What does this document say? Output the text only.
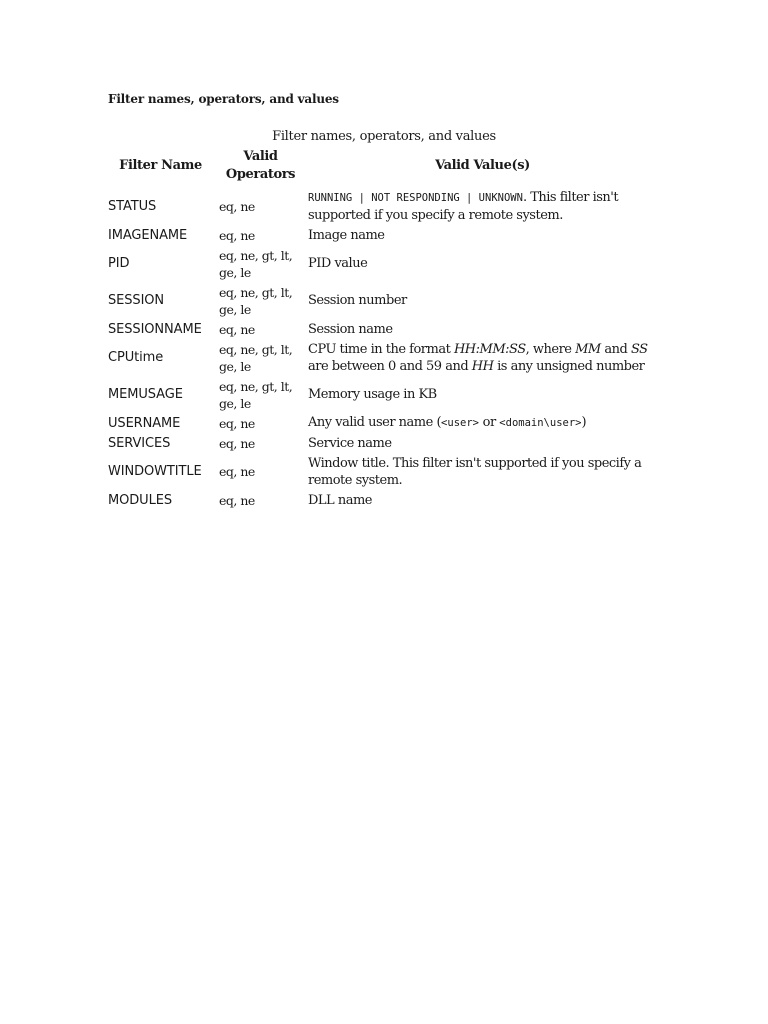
Filter names, operators, and values
Filter names, operators, and values
Filter Name	Valid Operators	Valid Value(s)
STATUS	eq, ne	RUNNING | NOT RESPONDING | UNKNOWN. This filter isn't supported if you specify a remote system.
IMAGENAME	eq, ne	Image name
PID	eq, ne, gt, lt, ge, le	PID value
SESSION	eq, ne, gt, lt, ge, le	Session number
SESSIONNAME	eq, ne	Session name
CPUtime	eq, ne, gt, lt, ge, le	CPU time in the format HH:MM:SS, where MM and SS are between 0 and 59 and HH is any unsigned number
MEMUSAGE	eq, ne, gt, lt, ge, le	Memory usage in KB
USERNAME	eq, ne	Any valid user name (<user> or <domain\user>)
SERVICES	eq, ne	Service name
WINDOWTITLE	eq, ne	Window title. This filter isn't supported if you specify a remote system.
MODULES	eq, ne	DLL name
